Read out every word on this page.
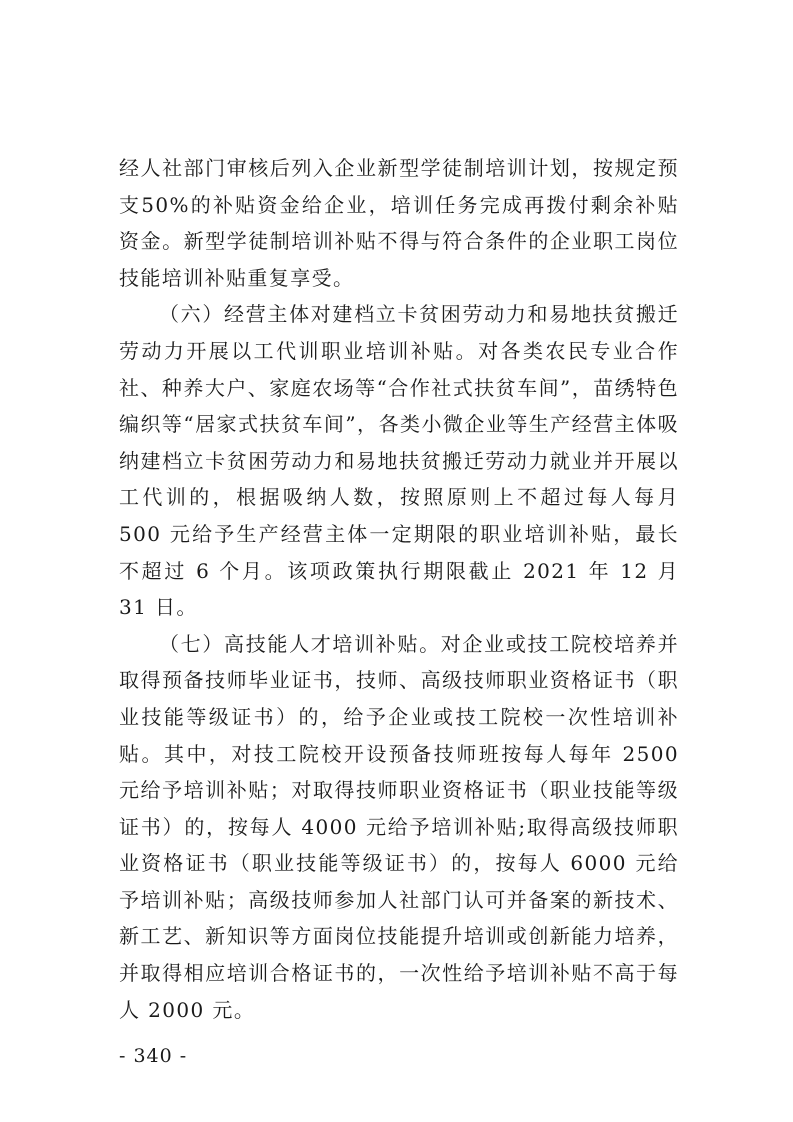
经人社部门审核后列入企业新型学徒制培训计划，按规定预支50%的补贴资金给企业，培训任务完成再拨付剩余补贴资金。新型学徒制培训补贴不得与符合条件的企业职工岗位技能培训补贴重复享受。

（六）经营主体对建档立卡贫困劳动力和易地扶贫搬迁劳动力开展以工代训职业培训补贴。对各类农民专业合作社、种养大户、家庭农场等“合作社式扶贫车间”，苗绣特色编织等“居家式扶贫车间”，各类小微企业等生产经营主体吸纳建档立卡贫困劳动力和易地扶贫搬迁劳动力就业并开展以工代训的，根据吸纳人数，按照原则上不超过每人每月 500 元给予生产经营主体一定期限的职业培训补贴，最长不超过 6 个月。该项政策执行期限截止 2021 年 12 月 31 日。

（七）高技能人才培训补贴。对企业或技工院校培养并取得预备技师毕业证书，技师、高级技师职业资格证书（职业技能等级证书）的，给予企业或技工院校一次性培训补贴。其中，对技工院校开设预备技师班按每人每年 2500 元给予培训补贴；对取得技师职业资格证书（职业技能等级证书）的，按每人 4000 元给予培训补贴;取得高级技师职业资格证书（职业技能等级证书）的，按每人 6000 元给予培训补贴；高级技师参加人社部门认可并备案的新技术、新工艺、新知识等方面岗位技能提升培训或创新能力培养，并取得相应培训合格证书的，一次性给予培训补贴不高于每人 2000 元。

- 340 -
